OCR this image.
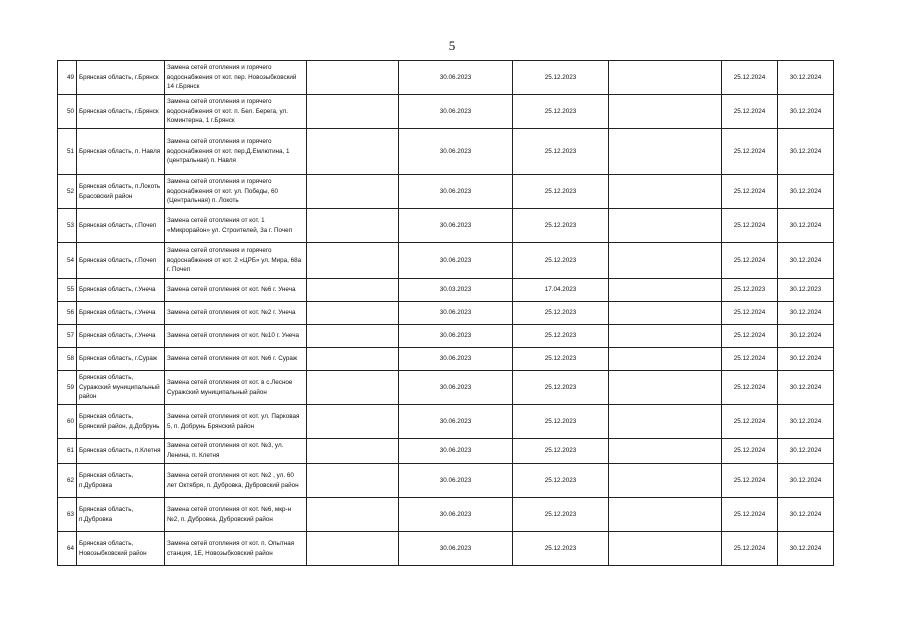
5
49	Брянская область, г.Брянск	Замена сетей отопления и горячего водоснабжения от кот. пер. Новозыбковский 14 г.Брянск		30.06.2023	25.12.2023		25.12.2024	30.12.2024
50	Брянская область, г.Брянск	Замена сетей отопления и горячего водоснабжения от кот. п. Бел. Берега, ул. Коминтерна, 1 г.Брянск		30.06.2023	25.12.2023		25.12.2024	30.12.2024
51	Брянская область, п. Навля	Замена сетей отопления и горячего водоснабжения от кот. пер.Д.Емлютина, 1 (центральная) п. Навля		30.06.2023	25.12.2023		25.12.2024	30.12.2024
52	Брянская область, п.Локоть Брасовский район	Замена сетей отопления и горячего водоснабжения от кот. ул. Победы, 60 (Центральная) п. Локоть		30.06.2023	25.12.2023		25.12.2024	30.12.2024
53	Брянская область, г.Почеп	Замена сетей отопления от кот. 1 «Микрорайон» ул. Строителей, 3а г. Почеп		30.06.2023	25.12.2023		25.12.2024	30.12.2024
54	Брянская область, г.Почеп	Замена сетей отопления и горячего водоснабжения от кот. 2 «ЦРБ» ул. Мира, 68а г. Почеп		30.06.2023	25.12.2023		25.12.2024	30.12.2024
55	Брянская область, г.Унеча	Замена сетей отопления от кот. №6 г. Унеча		30.03.2023	17.04.2023		25.12.2023	30.12.2023
56	Брянская область, г.Унеча	Замена сетей отопления от кот. №2 г. Унеча		30.06.2023	25.12.2023		25.12.2024	30.12.2024
57	Брянская область, г.Унеча	Замена сетей отопления от кот. №10 г. Унеча		30.06.2023	25.12.2023		25.12.2024	30.12.2024
58	Брянская область, г.Сураж	Замена сетей отопления от кот. №6 г. Сураж		30.06.2023	25.12.2023		25.12.2024	30.12.2024
59	Брянская область, Суражский муниципальный район	Замена сетей отопления от кот. в с.Лесное Суражский муниципальный район		30.06.2023	25.12.2023		25.12.2024	30.12.2024
60	Брянская область, Брянский район, д.Добрунь	Замена сетей отопления от кот. ул. Парковая 5, п. Добрунь Брянский район		30.06.2023	25.12.2023		25.12.2024	30.12.2024
61	Брянская область, п.Клетня	Замена сетей отопления от кот. №3, ул. Ленина, п. Клетня		30.06.2023	25.12.2023		25.12.2024	30.12.2024
62	Брянская область, п.Дубровка	Замена сетей отопления от кот. №2 , ул. 60 лет Октября, п. Дубровка, Дубровский район		30.06.2023	25.12.2023		25.12.2024	30.12.2024
63	Брянская область, п.Дубровка	Замена сетей отопления от кот. №6, мкр-н №2, п. Дубровка, Дубровский район		30.06.2023	25.12.2023		25.12.2024	30.12.2024
64	Брянская область, Новозыбковский район	Замена сетей отопления от кот. п. Опытная станция, 1Е, Новозыбковский район		30.06.2023	25.12.2023		25.12.2024	30.12.2024
